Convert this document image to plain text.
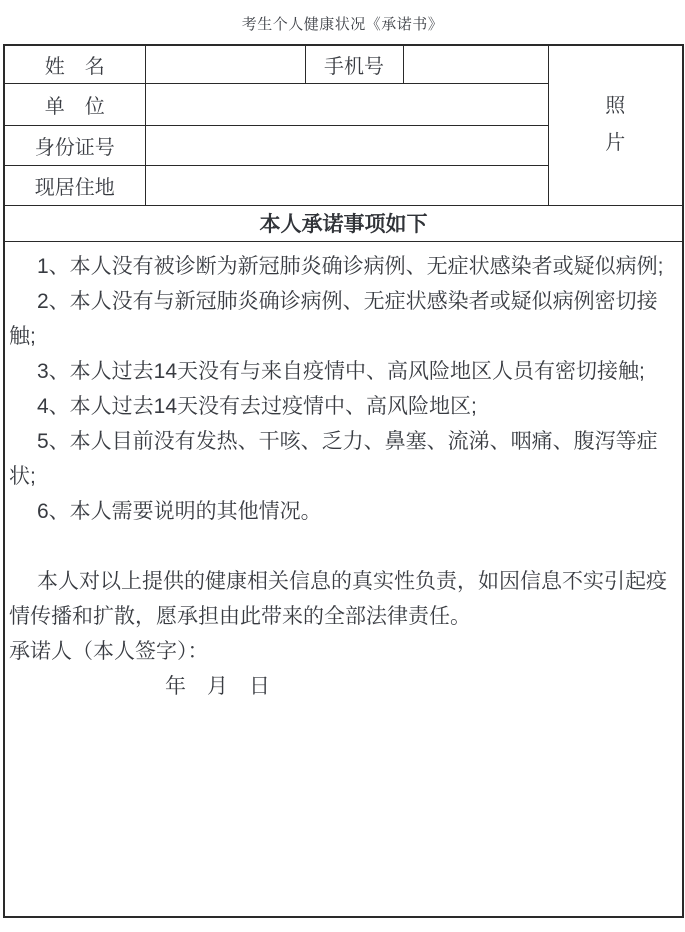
考生个人健康状况《承诺书》
姓　名		手机号		照
片

单　位				
身份证号				
现居住地				
本人承诺事项如下				

1、本人没有被诊断为新冠肺炎确诊病例、无症状感染者或疑似病例;
2、本人没有与新冠肺炎确诊病例、无症状感染者或疑似病例密切接
触;
3、本人过去14天没有与来自疫情中、高风险地区人员有密切接触;
4、本人过去14天没有去过疫情中、高风险地区;
5、本人目前没有发热、干咳、乏力、鼻塞、流涕、咽痛、腹泻等症
状;
6、本人需要说明的其他情况。
本人对以上提供的健康相关信息的真实性负责，如因信息不实引起疫
情传播和扩散，愿承担由此带来的全部法律责任。
承诺人（本人签字）：
年　月　日
